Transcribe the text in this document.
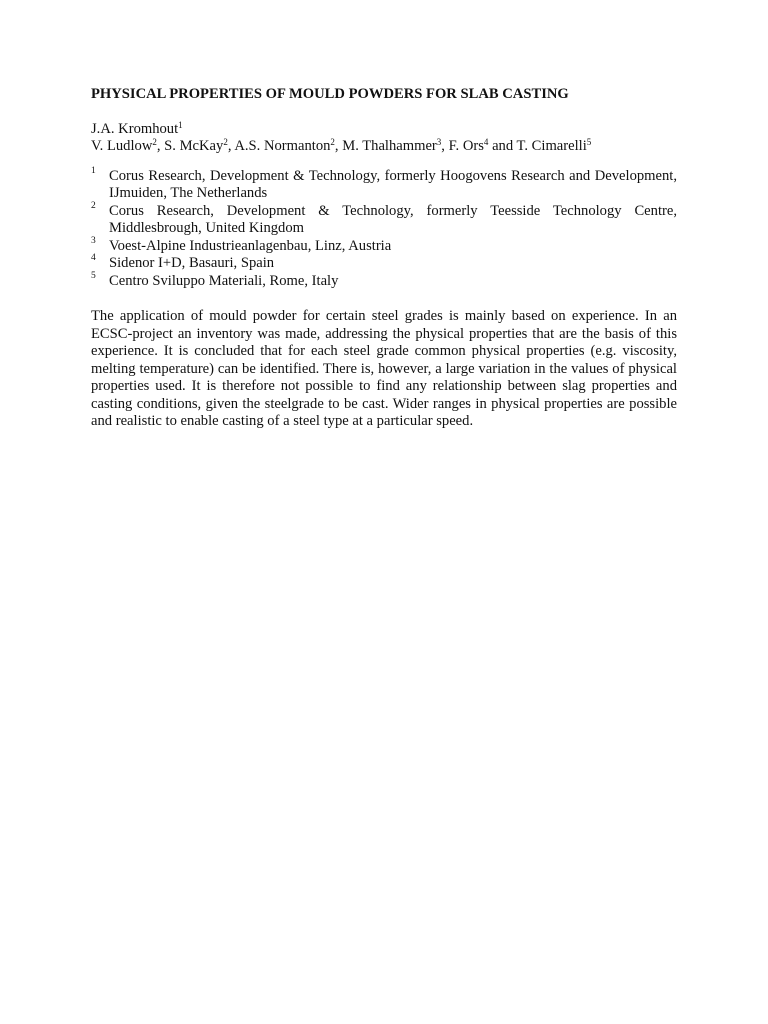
PHYSICAL PROPERTIES OF MOULD POWDERS FOR SLAB CASTING
J.A. Kromhout$^1$
V. Ludlow$^2$, S. McKay$^2$, A.S. Normanton$^2$, M. Thalhammer$^3$, F. Ors$^4$ and T. Cimarelli$^5$
1 Corus Research, Development & Technology, formerly Hoogovens Research and Development, IJmuiden, The Netherlands
2 Corus Research, Development & Technology, formerly Teesside Technology Centre, Middlesbrough, United Kingdom
3 Voest-Alpine Industrieanlagenbau, Linz, Austria
4 Sidenor I+D, Basauri, Spain
5 Centro Sviluppo Materiali, Rome, Italy

The application of mould powder for certain steel grades is mainly based on experience. In an ECSC-project an inventory was made, addressing the physical properties that are the basis of this experience. It is concluded that for each steel grade common physical properties (e.g. viscosity, melting temperature) can be identified. There is, however, a large variation in the values of physical properties used. It is therefore not possible to find any relationship between slag properties and casting conditions, given the steelgrade to be cast. Wider ranges in physical properties are possible and realistic to enable casting of a steel type at a particular speed.
